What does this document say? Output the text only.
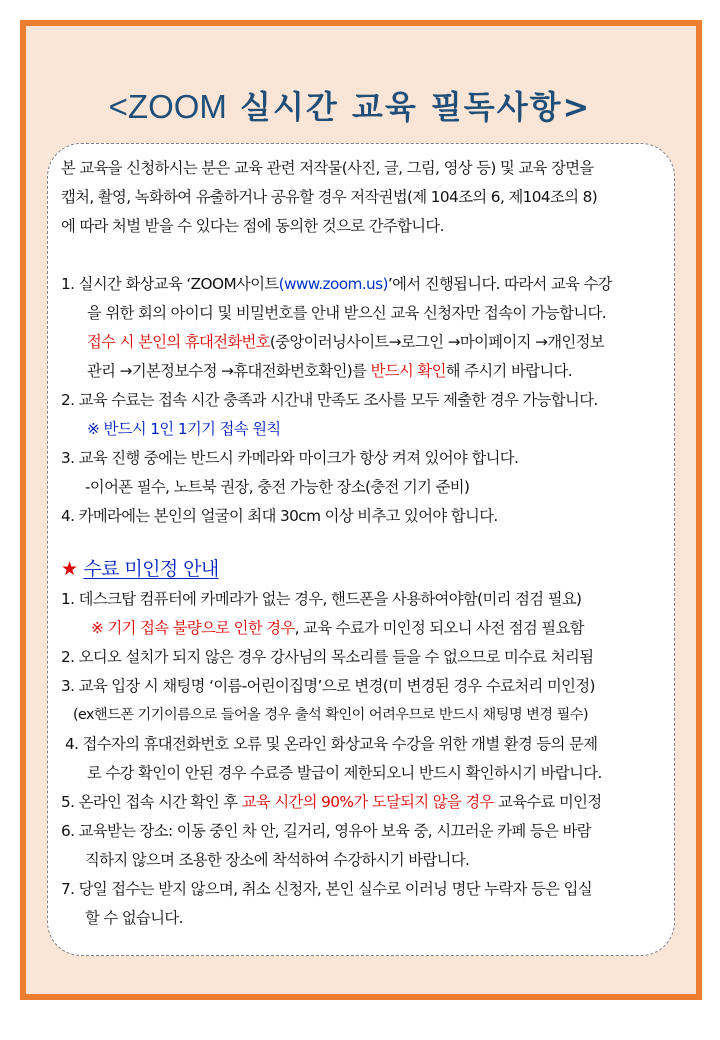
<ZOOM 실시간 교육 필독사항>
본 교육을 신청하시는 분은 교육 관련 저작물(사진, 글, 그림, 영상 등) 및 교육 장면을
캡처, 촬영, 녹화하여 유출하거나 공유할 경우 저작권법(제 104조의 6, 제104조의 8)
에 따라 처벌 받을 수 있다는 점에 동의한 것으로 간주합니다.
1. 실시간 화상교육 ‘ZOOM사이트(www.zoom.us)’에서 진행됩니다. 따라서 교육 수강
을 위한 회의 아이디 및 비밀번호를 안내 받으신 교육 신청자만 접속이 가능합니다.
접수 시 본인의 휴대전화번호(중앙이러닝사이트→로그인 →마이페이지 →개인정보
관리 →기본정보수정 →휴대전화번호확인)를 반드시 확인해 주시기 바랍니다.
2. 교육 수료는 접속 시간 충족과 시간내 만족도 조사를 모두 제출한 경우 가능합니다.
※ 반드시 1인 1기기 접속 원칙
3. 교육 진행 중에는 반드시 카메라와 마이크가 항상 켜져 있어야 합니다.
-이어폰 필수, 노트북 권장, 충전 가능한 장소(충전 기기 준비)
4. 카메라에는 본인의 얼굴이 최대 30cm 이상 비추고 있어야 합니다.
★ 수료 미인정 안내
1. 데스크탑 컴퓨터에 카메라가 없는 경우, 핸드폰을 사용하여야함(미리 점검 필요)
※ 기기 접속 불량으로 인한 경우, 교육 수료가 미인정 되오니 사전 점검 필요함
2. 오디오 설치가 되지 않은 경우 강사님의 목소리를 들을 수 없으므로 미수료 처리됨
3. 교육 입장 시 채팅명 ‘이름-어린이집명’으로 변경(미 변경된 경우 수료처리 미인정)
(ex핸드폰 기기이름으로 들어올 경우 출석 확인이 어려우므로 반드시 채팅명 변경 필수)
4. 접수자의 휴대전화번호 오류 및 온라인 화상교육 수강을 위한 개별 환경 등의 문제
로 수강 확인이 안된 경우 수료증 발급이 제한되오니 반드시 확인하시기 바랍니다.
5. 온라인 접속 시간 확인 후 교육 시간의 90%가 도달되지 않을 경우 교육수료 미인정
6. 교육받는 장소: 이동 중인 차 안, 길거리, 영유아 보육 중, 시끄러운 카페 등은 바람
직하지 않으며 조용한 장소에 착석하여 수강하시기 바랍니다.
7. 당일 접수는 받지 않으며, 취소 신청자, 본인 실수로 이러닝 명단 누락자 등은 입실
할 수 없습니다.
